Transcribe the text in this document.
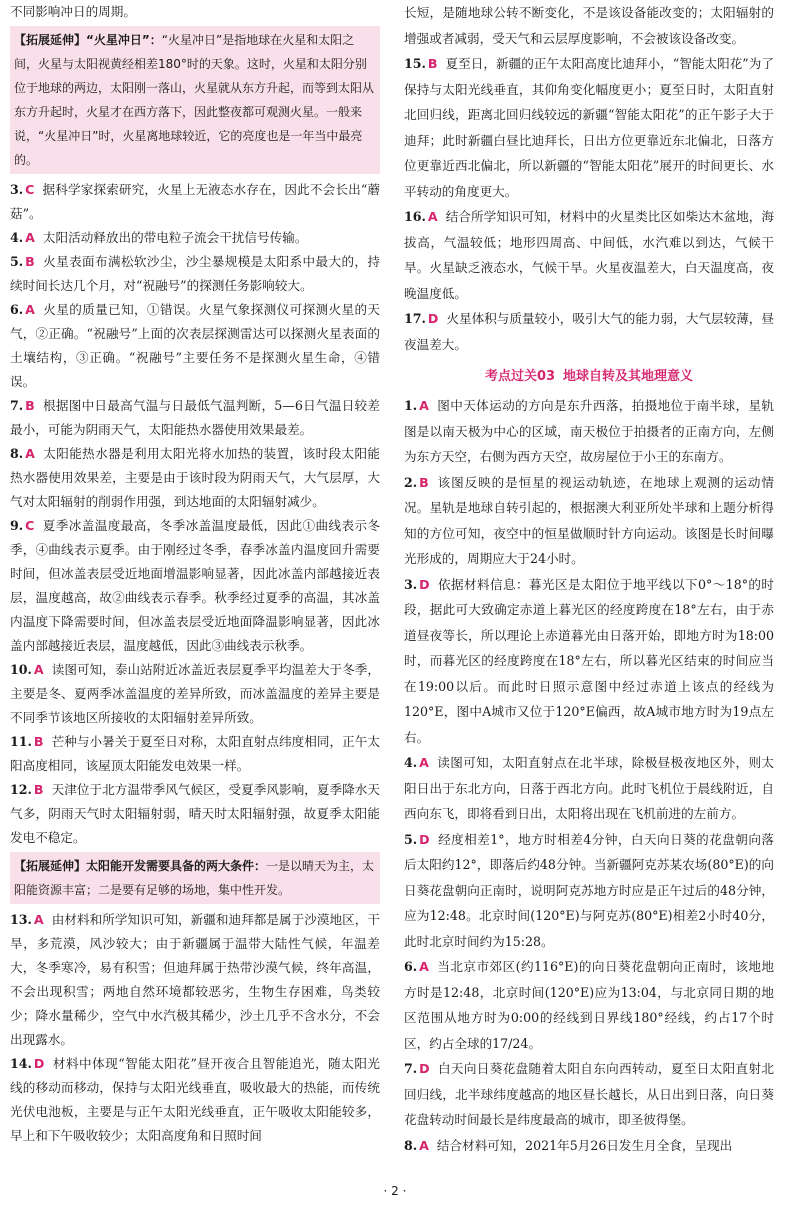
不同影响冲日的周期。

【拓展延伸】“火星冲日”：“火星冲日”是指地球在火星和太阳之间，火星与太阳视黄经相差180°时的天象。这时，火星和太阳分别位于地球的两边，太阳刚一落山，火星就从东方升起，而等到太阳从东方升起时，火星才在西方落下，因此整夜都可观测火星。一般来说，“火星冲日”时，火星离地球较近，它的亮度也是一年当中最亮的。

3. C 据科学家探索研究，火星上无液态水存在，因此不会长出“蘑菇”。

4. A 太阳活动释放出的带电粒子流会干扰信号传输。

5. B 火星表面布满松软沙尘，沙尘暴规模是太阳系中最大的，持续时间长达几个月，对“祝融号”的探测任务影响较大。

6. A 火星的质量已知，①错误。火星气象探测仪可探测火星的天气，②正确。“祝融号”上面的次表层探测雷达可以探测火星表面的土壤结构，③正确。“祝融号”主要任务不是探测火星生命，④错误。

7. B 根据图中日最高气温与日最低气温判断，5—6日气温日较差最小，可能为阴雨天气，太阳能热水器使用效果最差。

8. A 太阳能热水器是利用太阳光将水加热的装置，该时段太阳能热水器使用效果差，主要是由于该时段为阴雨天气，大气层厚，大气对太阳辐射的削弱作用强，到达地面的太阳辐射减少。

9. C 夏季冰盖温度最高，冬季冰盖温度最低，因此①曲线表示冬季，④曲线表示夏季。由于刚经过冬季，春季冰盖内温度回升需要时间，但冰盖表层受近地面增温影响显著，因此冰盖内部越接近表层，温度越高，故②曲线表示春季。秋季经过夏季的高温，其冰盖内温度下降需要时间，但冰盖表层受近地面降温影响显著，因此冰盖内部越接近表层，温度越低，因此③曲线表示秋季。

10. A 读图可知，泰山站附近冰盖近表层夏季平均温差大于冬季，主要是冬、夏两季冰盖温度的差异所致，而冰盖温度的差异主要是不同季节该地区所接收的太阳辐射差异所致。

11. B 芒种与小暑关于夏至日对称，太阳直射点纬度相同，正午太阳高度相同，该屋顶太阳能发电效果一样。

12. B 天津位于北方温带季风气候区，受夏季风影响，夏季降水天气多，阴雨天气时太阳辐射弱，晴天时太阳辐射强，故夏季太阳能发电不稳定。

【拓展延伸】太阳能开发需要具备的两大条件：一是以晴天为主，太阳能资源丰富；二是要有足够的场地，集中性开发。

13. A 由材料和所学知识可知，新疆和迪拜都是属于沙漠地区，干旱，多荒漠，风沙较大；由于新疆属于温带大陆性气候，年温差大，冬季寒冷，易有积雪；但迪拜属于热带沙漠气候，终年高温，不会出现积雪；两地自然环境都较恶劣，生物生存困难，鸟类较少；降水量稀少，空气中水汽极其稀少，沙土几乎不含水分，不会出现露水。

14. D 材料中体现“智能太阳花”昼开夜合且智能追光，随太阳光线的移动而移动，保持与太阳光线垂直，吸收最大的热能，而传统光伏电池板，主要是与正午太阳光线垂直，正午吸收太阳能较多，早上和下午吸收较少；太阳高度角和日照时间

长短，是随地球公转不断变化，不是该设备能改变的；太阳辐射的增强或者减弱，受天气和云层厚度影响，不会被该设备改变。

15. B 夏至日，新疆的正午太阳高度比迪拜小，“智能太阳花”为了保持与太阳光线垂直，其仰角变化幅度更小；夏至日时，太阳直射北回归线，距离北回归线较远的新疆“智能太阳花”的正午影子大于迪拜；此时新疆白昼比迪拜长，日出方位更靠近东北偏北，日落方位更靠近西北偏北，所以新疆的“智能太阳花”展开的时间更长、水平转动的角度更大。

16. A 结合所学知识可知，材料中的火星类比区如柴达木盆地，海拔高，气温较低；地形四周高、中间低，水汽难以到达，气候干旱。火星缺乏液态水，气候干旱。火星夜温差大，白天温度高，夜晚温度低。

17. D 火星体积与质量较小，吸引大气的能力弱，大气层较薄，昼夜温差大。

考点过关03 地球自转及其地理意义

1. A 图中天体运动的方向是东升西落，拍摄地位于南半球，星轨图是以南天极为中心的区域，南天极位于拍摄者的正南方向，左侧为东方天空，右侧为西方天空，故房屋位于小王的东南方。

2. B 该图反映的是恒星的视运动轨迹，在地球上观测的运动情况。星轨是地球自转引起的，根据澳大利亚所处半球和上题分析得知的方位可知，夜空中的恒星做顺时针方向运动。该图是长时间曝光形成的，周期应大于24小时。

3. D 依据材料信息：暮光区是太阳位于地平线以下0°～18°的时段，据此可大致确定赤道上暮光区的经度跨度在18°左右，由于赤道昼夜等长，所以理论上赤道暮光由日落开始，即地方时为18:00时，而暮光区的经度跨度在18°左右，所以暮光区结束的时间应当在19:00以后。而此时日照示意图中经过赤道上该点的经线为120°E，图中A城市又位于120°E偏西，故A城市地方时为19点左右。

4. A 读图可知，太阳直射点在北半球，除极昼极夜地区外，则太阳日出于东北方向，日落于西北方向。此时飞机位于晨线附近，自西向东飞，即将看到日出，太阳将出现在飞机前进的左前方。

5. D 经度相差1°，地方时相差4分钟，白天向日葵的花盘朝向落后太阳约12°，即落后约48分钟。当新疆阿克苏某农场(80°E)的向日葵花盘朝向正南时，说明阿克苏地方时应是正午过后的48分钟，应为12:48。北京时间(120°E)与阿克苏(80°E)相差2小时40分，此时北京时间约为15:28。

6. A 当北京市郊区(约116°E)的向日葵花盘朝向正南时，该地地方时是12:48，北京时间(120°E)应为13:04，与北京同日期的地区范围从地方时为0:00的经线到日界线180°经线，约占17个时区，约占全球的17/24。

7. D 白天向日葵花盘随着太阳自东向西转动，夏至日太阳直射北回归线，北半球纬度越高的地区昼长越长，从日出到日落，向日葵花盘转动时间最长是纬度最高的城市，即圣彼得堡。

8. A 结合材料可知，2021年5月26日发生月全食，呈现出

· 2 ·
